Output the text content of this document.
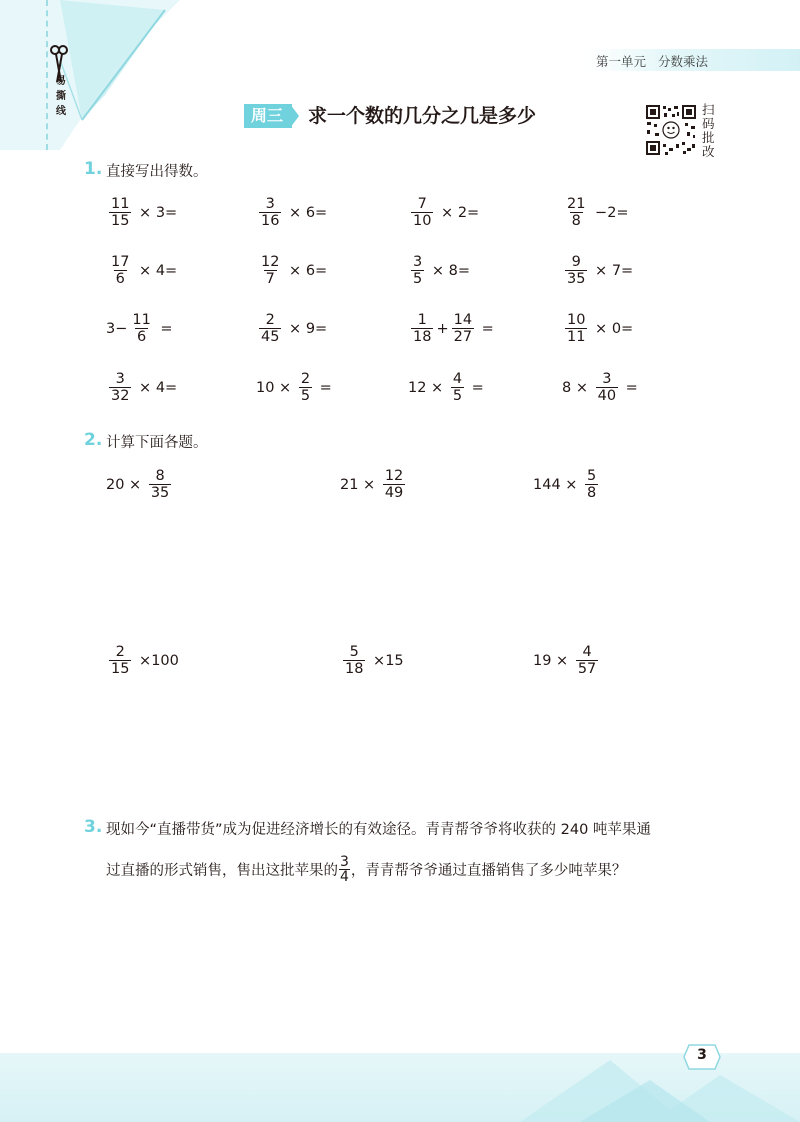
易撕线
第一单元 分数乘法
周三	求一个数的几分之几是多少	扫码批改
1. 直接写出得数。
$\frac{11}{15} \times 3=$	$\frac{3}{16} \times 6=$	$\frac{7}{10} \times 2=$	$\frac{21}{8} -2=$
$\frac{17}{6} \times 4=$	$\frac{12}{7} \times 6=$	$\frac{3}{5} \times 8=$	$\frac{9}{35} \times 7=$
$3- \frac{11}{6}$ =	$\frac{2}{45} \times 9=$	$\frac{1}{18} + \frac{14}{27}$ =	$\frac{10}{11} \times 0=$
$\frac{3}{32} \times 4=$	$10 \times \frac{2}{5}$ =	$12 \times \frac{4}{5}$ =	$8 \times \frac{3}{40}$ =
2. 计算下面各题。
$20 \times \frac{8}{35}$	$21 \times \frac{12}{49}$	$144 \times \frac{5}{8}$
$\frac{2}{15} \times 100$	$\frac{5}{18} \times 15$	$19 \times \frac{4}{57}$
3. 现如今“直播带货”成为促进经济增长的有效途径。青青帮爷爷将收获的 240 吨苹果通
过直播的形式销售，售出这批苹果的 $\frac{3}{4}$ ，青青帮爷爷通过直播销售了多少吨苹果？
3
